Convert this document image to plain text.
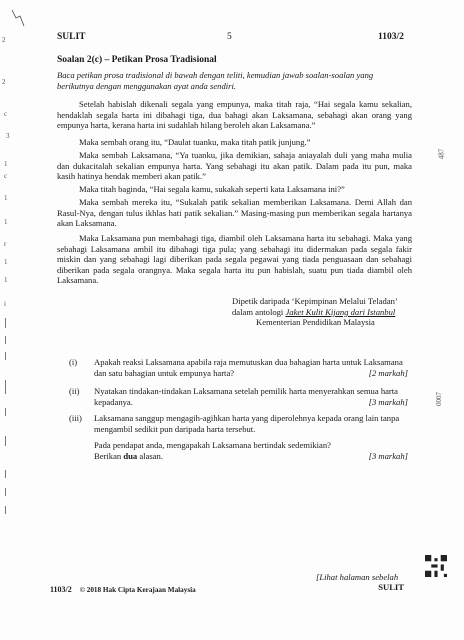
2
2
c
3
1
c
1
1
r
1
1
i
SULIT	5	1103/2
Soalan 2(c) – Petikan Prosa Tradisional
Baca petikan prosa tradisional di bawah dengan teliti, kemudian jawab soalan-soalan yang berikutnya dengan menggunakan ayat anda sendiri.
Setelah habislah dikenali segala yang empunya, maka titah raja, “Hai segala kamu sekalian, hendaklah segala harta ini dibahagi tiga, dua bahagi akan Laksamana, sebahagi akan orang yang empunya harta, kerana harta ini sudahlah hilang beroleh akan Laksamana.”
Maka sembah orang itu, “Daulat tuanku, maka titah patik junjung.”
Maka sembah Laksamana, “Ya tuanku, jika demikian, sahaja aniayalah duli yang maha mulia dan dukacitalah sekalian empunya harta. Yang sebahagi itu akan patik. Dalam pada itu pun, maka kasih hatinya hendak memberi akan patik.”
Maka titah baginda, “Hai segala kamu, sukakah seperti kata Laksamana ini?”
Maka sembah mereka itu, “Sukalah patik sekalian memberikan Laksamana. Demi Allah dan Rasul-Nya, dengan tulus ikhlas hati patik sekalian.” Masing-masing pun memberikan segala hartanya akan Laksamana.
Maka Laksamana pun membahagi tiga, diambil oleh Laksamana harta itu sebahagi. Maka yang sebahagi Laksamana ambil itu dibahagi tiga pula; yang sebahagi itu didermakan pada segala fakir miskin dan yang sebahagi lagi diberikan pada segala pegawai yang tiada penguasaan dan sebahagi diberikan pada segala orangnya. Maka segala harta itu pun habislah, suatu pun tiada diambil oleh Laksamana.
Dipetik daripada ‘Kepimpinan Melalui Teladan’
dalam antologi Jaket Kulit Kijang dari Istanbul
Kementerian Pendidikan Malaysia
(i)	Apakah reaksi Laksamana apabila raja memutuskan dua bahagian harta untuk Laksamana dan satu bahagian untuk empunya harta?	[2 markah]
(ii)	Nyatakan tindakan-tindakan Laksamana setelah pemilik harta menyerahkan semua harta kepadanya.	[3 markah]
(iii)	Laksamana sanggup mengagih-agihkan harta yang diperolehnya kepada orang lain tanpa mengambil sedikit pun daripada harta tersebut.
Pada pendapat anda, mengapakah Laksamana bertindak sedemikian?
Berikan dua alasan.	[3 markah]
487
0007
[Lihat halaman sebelah
SULIT
1103/2 © 2018 Hak Cipta Kerajaan Malaysia
